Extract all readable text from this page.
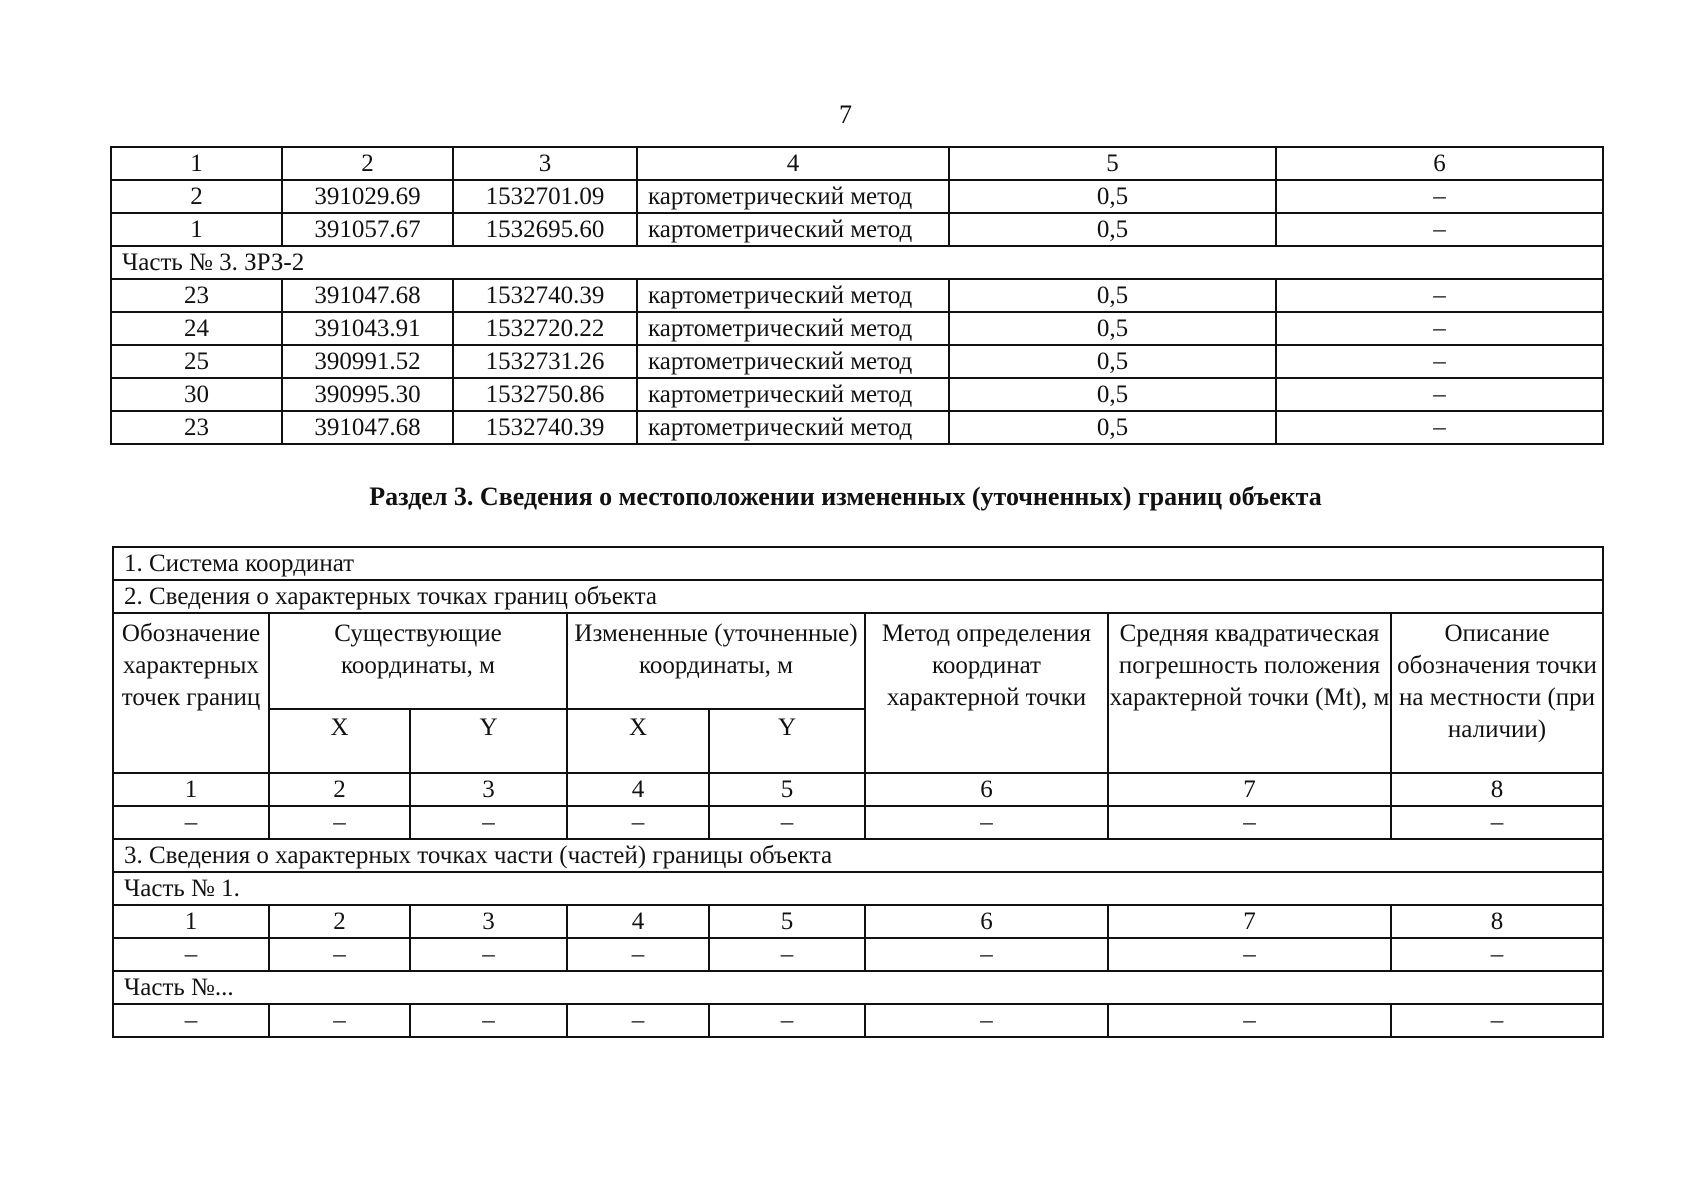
7
1	2	3	4	5	6
2	391029.69	1532701.09	картометрический метод	0,5	–
1	391057.67	1532695.60	картометрический метод	0,5	–
Часть № 3. ЗРЗ-2					
23	391047.68	1532740.39	картометрический метод	0,5	–
24	391043.91	1532720.22	картометрический метод	0,5	–
25	390991.52	1532731.26	картометрический метод	0,5	–
30	390995.30	1532750.86	картометрический метод	0,5	–
23	391047.68	1532740.39	картометрический метод	0,5	–
Раздел 3. Сведения о местоположении измененных (уточненных) границ объекта
1. Система координат							
2. Сведения о характерных точках границ объекта							
Обозначение характерных точек границ	Существующие координаты, м		Измененные (уточненные) координаты, м		Метод определения координат характерной точки	Средняя квадратическая погрешность положения характерной точки (Mt), м	Описание обозначения точки на местности (при наличии)
	X	Y	X	Y			
1	2	3	4	5	6	7	8
–	–	–	–	–	–	–	–
3. Сведения о характерных точках части (частей) границы объекта							
Часть № 1.							
1	2	3	4	5	6	7	8
–	–	–	–	–	–	–	–
Часть №...							
–	–	–	–	–	–	–	–
